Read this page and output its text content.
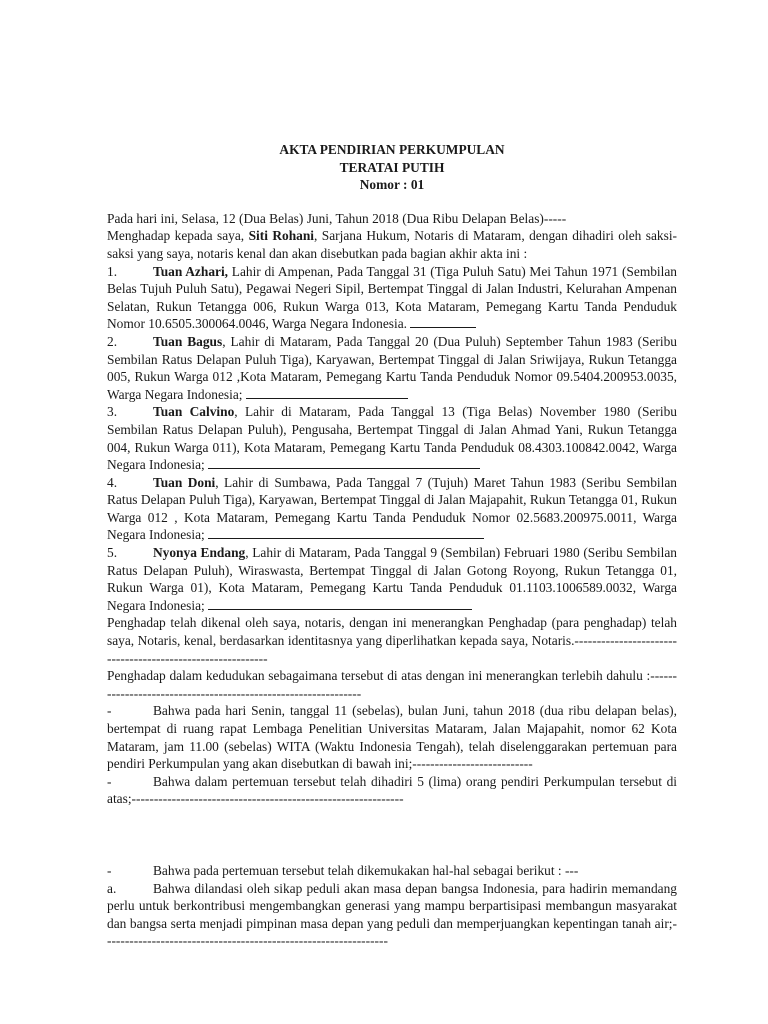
AKTA PENDIRIAN PERKUMPULAN

TERATAI PUTIH

Nomor : 01

Pada hari ini, Selasa, 12 (Dua Belas) Juni, Tahun 2018 (Dua Ribu Delapan Belas)-----

Menghadap kepada saya, Siti Rohani, Sarjana Hukum, Notaris di Mataram, dengan dihadiri oleh saksi-saksi yang saya, notaris kenal dan akan disebutkan pada bagian akhir akta ini :

1.	Tuan Azhari, Lahir di Ampenan, Pada Tanggal 31 (Tiga Puluh Satu) Mei Tahun 1971 (Sembilan Belas Tujuh Puluh Satu), Pegawai Negeri Sipil, Bertempat Tinggal di Jalan Industri, Kelurahan Ampenan Selatan, Rukun Tetangga 006, Rukun Warga 013, Kota Mataram, Pemegang Kartu Tanda Penduduk Nomor 10.6505.300064.0046, Warga Negara Indonesia.
2.	Tuan Bagus, Lahir di Mataram, Pada Tanggal 20 (Dua Puluh) September Tahun 1983 (Seribu Sembilan Ratus Delapan Puluh Tiga), Karyawan, Bertempat Tinggal di Jalan Sriwijaya, Rukun Tetangga 005, Rukun Warga 012 ,Kota Mataram, Pemegang Kartu Tanda Penduduk Nomor 09.5404.200953.0035, Warga Negara Indonesia;
3.	Tuan Calvino, Lahir di Mataram, Pada Tanggal 13 (Tiga Belas) November 1980 (Seribu Sembilan Ratus Delapan Puluh), Pengusaha, Bertempat Tinggal di Jalan Ahmad Yani, Rukun Tetangga 004, Rukun Warga 011), Kota Mataram, Pemegang Kartu Tanda Penduduk 08.4303.100842.0042, Warga Negara Indonesia;
4.	Tuan Doni, Lahir di Sumbawa, Pada Tanggal 7 (Tujuh) Maret Tahun 1983 (Seribu Sembilan Ratus Delapan Puluh Tiga), Karyawan, Bertempat Tinggal di Jalan Majapahit, Rukun Tetangga 01, Rukun Warga 012 , Kota Mataram, Pemegang Kartu Tanda Penduduk Nomor 02.5683.200975.0011, Warga Negara Indonesia;
5.	Nyonya Endang, Lahir di Mataram, Pada Tanggal 9 (Sembilan) Februari 1980 (Seribu Sembilan Ratus Delapan Puluh), Wiraswasta, Bertempat Tinggal di Jalan Gotong Royong, Rukun Tetangga 01, Rukun Warga 01), Kota Mataram, Pemegang Kartu Tanda Penduduk 01.1103.1006589.0032, Warga Negara Indonesia;

Penghadap telah dikenal oleh saya, notaris, dengan ini menerangkan Penghadap (para penghadap) telah saya, Notaris, kenal, berdasarkan identitasnya yang diperlihatkan kepada saya, Notaris.-----------------------------------------------------------

Penghadap dalam kedudukan sebagaimana tersebut di atas dengan ini menerangkan terlebih dahulu :---------------------------------------------------------------

-	Bahwa pada hari Senin, tanggal 11 (sebelas), bulan Juni, tahun 2018 (dua ribu delapan belas), bertempat di ruang rapat Lembaga Penelitian Universitas Mataram, Jalan Majapahit, nomor 62 Kota Mataram, jam 11.00 (sebelas) WITA (Waktu Indonesia Tengah), telah diselenggarakan pertemuan para pendiri Perkumpulan yang akan disebutkan di bawah ini;---------------------------
-	Bahwa dalam pertemuan tersebut telah dihadiri 5 (lima) orang pendiri Perkumpulan tersebut di atas;-------------------------------------------------------------
-	Bahwa pada pertemuan tersebut telah dikemukakan hal-hal sebagai berikut : ---
a.	Bahwa dilandasi oleh sikap peduli akan masa depan bangsa Indonesia, para hadirin memandang perlu untuk berkontribusi mengembangkan generasi yang mampu berpartisipasi membangun masyarakat dan bangsa serta menjadi pimpinan masa depan yang peduli dan memperjuangkan kepentingan tanah air;----------------------------------------------------------------
